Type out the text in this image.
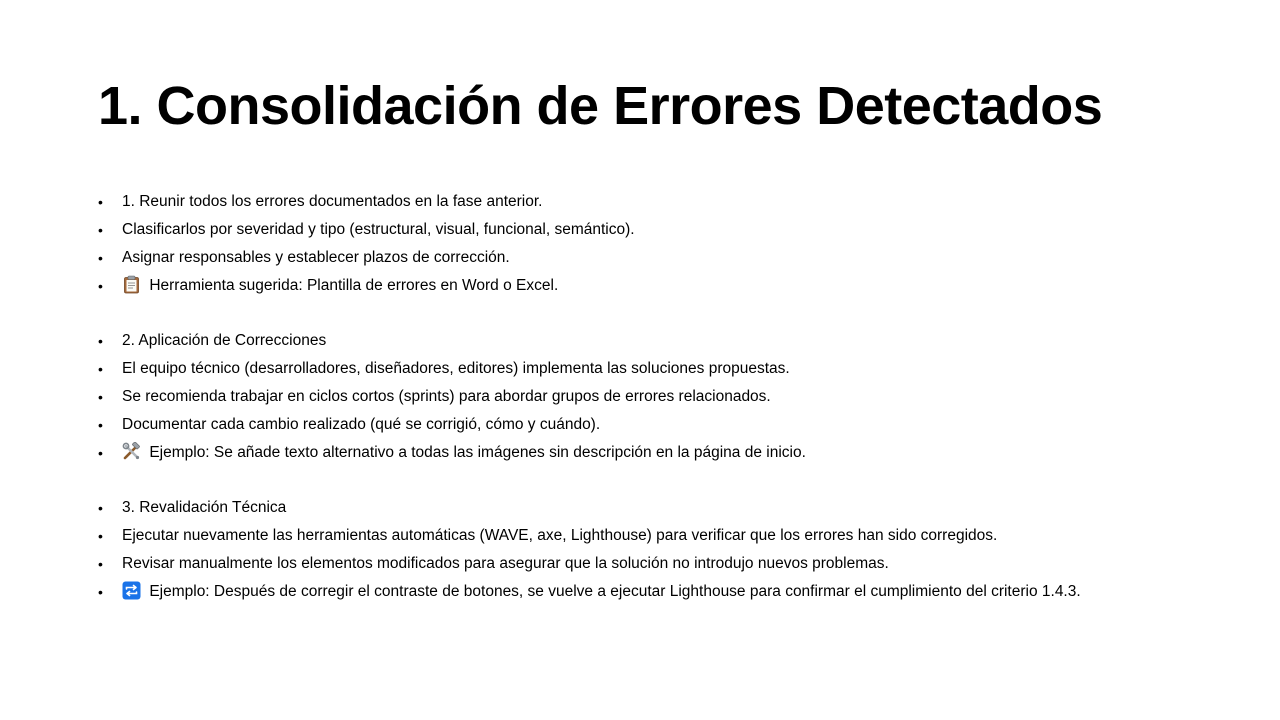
1. Consolidación de Errores Detectados
•	1. Reunir todos los errores documentados en la fase anterior.
•	Clasificarlos por severidad y tipo (estructural, visual, funcional, semántico).
•	Asignar responsables y establecer plazos de corrección.
•	Herramienta sugerida: Plantilla de errores en Word o Excel.
•	2. Aplicación de Correcciones
•	El equipo técnico (desarrolladores, diseñadores, editores) implementa las soluciones propuestas.
•	Se recomienda trabajar en ciclos cortos (sprints) para abordar grupos de errores relacionados.
•	Documentar cada cambio realizado (qué se corrigió, cómo y cuándo).
•	Ejemplo: Se añade texto alternativo a todas las imágenes sin descripción en la página de inicio.
•	3. Revalidación Técnica
•	Ejecutar nuevamente las herramientas automáticas (WAVE, axe, Lighthouse) para verificar que los errores han sido corregidos.
•	Revisar manualmente los elementos modificados para asegurar que la solución no introdujo nuevos problemas.
•	Ejemplo: Después de corregir el contraste de botones, se vuelve a ejecutar Lighthouse para confirmar el cumplimiento del criterio 1.4.3.
